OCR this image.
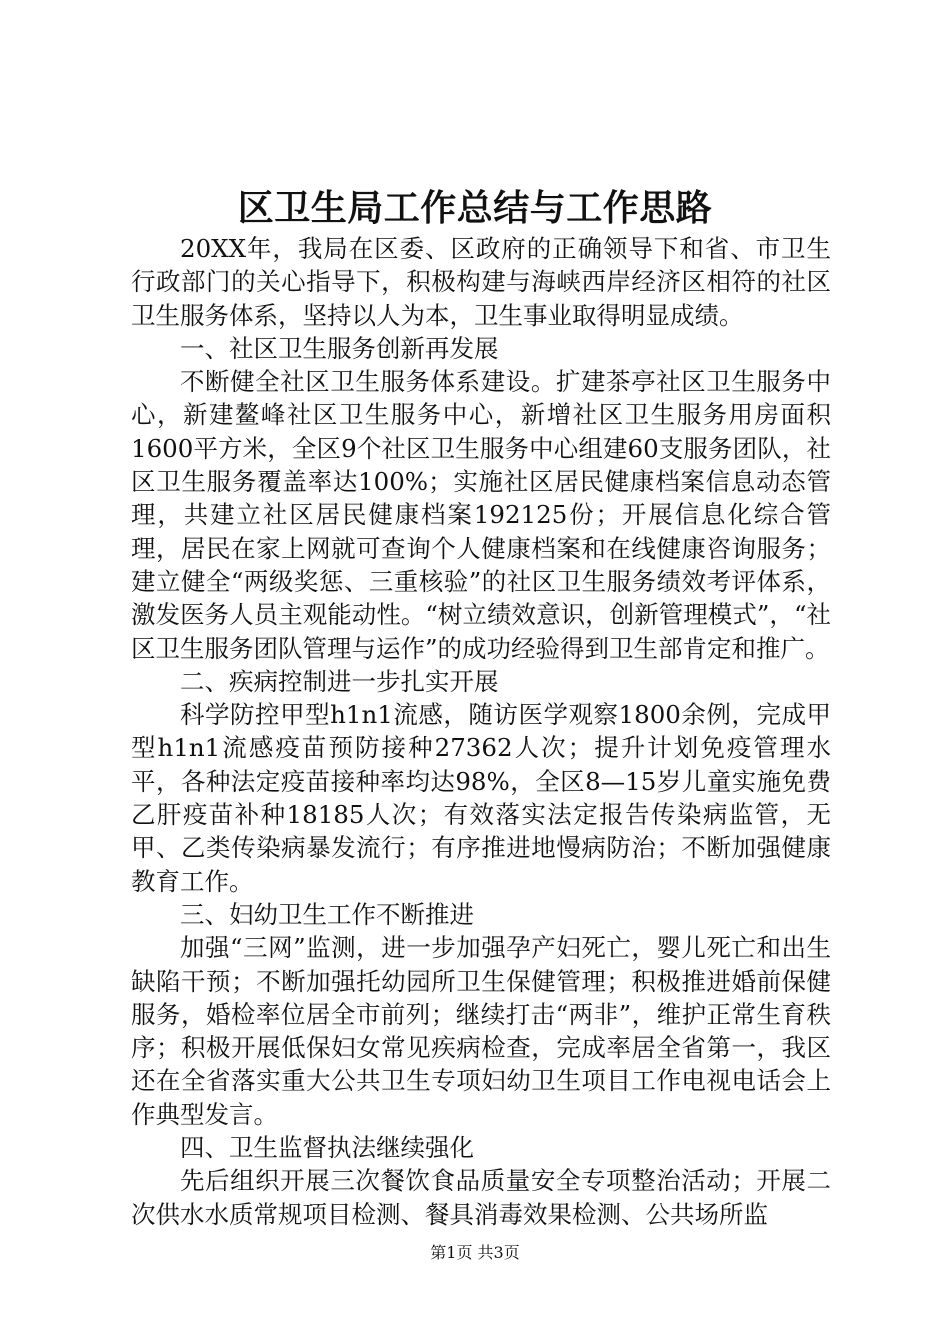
区卫生局工作总结与工作思路

20XX年，我局在区委、区政府的正确领导下和省、市卫生行政部门的关心指导下，积极构建与海峡西岸经济区相符的社区卫生服务体系，坚持以人为本，卫生事业取得明显成绩。

一、社区卫生服务创新再发展

不断健全社区卫生服务体系建设。扩建茶亭社区卫生服务中心，新建鳌峰社区卫生服务中心，新增社区卫生服务用房面积1600平方米，全区9个社区卫生服务中心组建60支服务团队，社区卫生服务覆盖率达100%；实施社区居民健康档案信息动态管理，共建立社区居民健康档案192125份；开展信息化综合管理，居民在家上网就可查询个人健康档案和在线健康咨询服务；建立健全“两级奖惩、三重核验”的社区卫生服务绩效考评体系，激发医务人员主观能动性。“树立绩效意识，创新管理模式”，“社区卫生服务团队管理与运作”的成功经验得到卫生部肯定和推广。

二、疾病控制进一步扎实开展

科学防控甲型h1n1流感，随访医学观察1800余例，完成甲型h1n1流感疫苗预防接种27362人次；提升计划免疫管理水平，各种法定疫苗接种率均达98%，全区8—15岁儿童实施免费乙肝疫苗补种18185人次；有效落实法定报告传染病监管，无甲、乙类传染病暴发流行；有序推进地慢病防治；不断加强健康教育工作。

三、妇幼卫生工作不断推进

加强“三网”监测，进一步加强孕产妇死亡，婴儿死亡和出生缺陷干预；不断加强托幼园所卫生保健管理；积极推进婚前保健服务，婚检率位居全市前列；继续打击“两非”，维护正常生育秩序；积极开展低保妇女常见疾病检查，完成率居全省第一，我区还在全省落实重大公共卫生专项妇幼卫生项目工作电视电话会上作典型发言。

四、卫生监督执法继续强化

先后组织开展三次餐饮食品质量安全专项整治活动；开展二次供水水质常规项目检测、餐具消毒效果检测、公共场所监

第1页 共3页
